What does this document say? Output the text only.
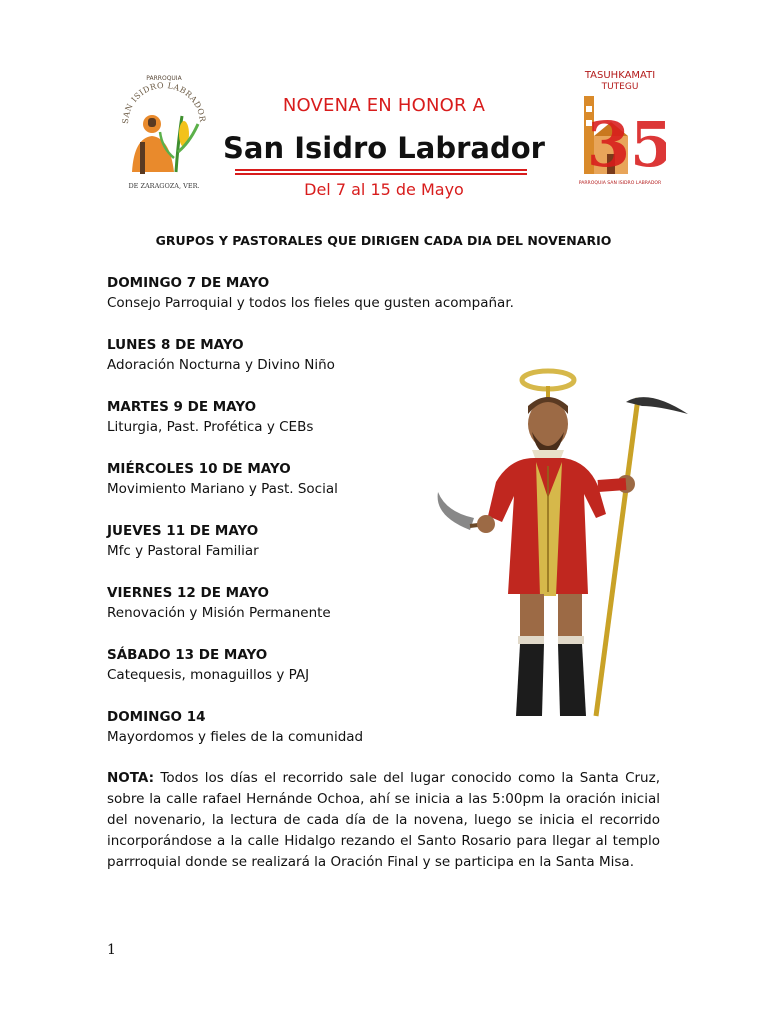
PARROQUIA
SAN ISIDRO LABRADOR
DE ZARAGOZA, VER.
TASUHKAMATI
TUTEGU
35
PARROQUIA SAN ISIDRO LABRADOR
NOVENA EN HONOR A
San Isidro Labrador
Del 7 al 15 de Mayo
GRUPOS Y PASTORALES QUE DIRIGEN CADA DIA DEL NOVENARIO
DOMINGO 7 DE MAYO
Consejo Parroquial y todos los fieles que gusten acompañar.
LUNES 8 DE MAYO
Adoración Nocturna y Divino Niño
MARTES 9 DE MAYO
Liturgia, Past. Profética y CEBs
MIÉRCOLES 10 DE MAYO
Movimiento Mariano y Past. Social
JUEVES 11 DE MAYO
Mfc y Pastoral Familiar
VIERNES 12 DE MAYO
Renovación y Misión Permanente
SÁBADO 13 DE MAYO
Catequesis, monaguillos y PAJ
DOMINGO 14
Mayordomos y fieles de la comunidad
NOTA: Todos los días el recorrido sale del lugar conocido como la Santa Cruz, sobre la calle rafael Hernánde Ochoa, ahí se inicia a las 5:00pm la oración inicial del novenario, la lectura de cada día de la novena, luego se inicia el recorrido incorporándose a la calle Hidalgo rezando el Santo Rosario para llegar al templo parrroquial donde se realizará la Oración Final y se participa en la Santa Misa.
1
